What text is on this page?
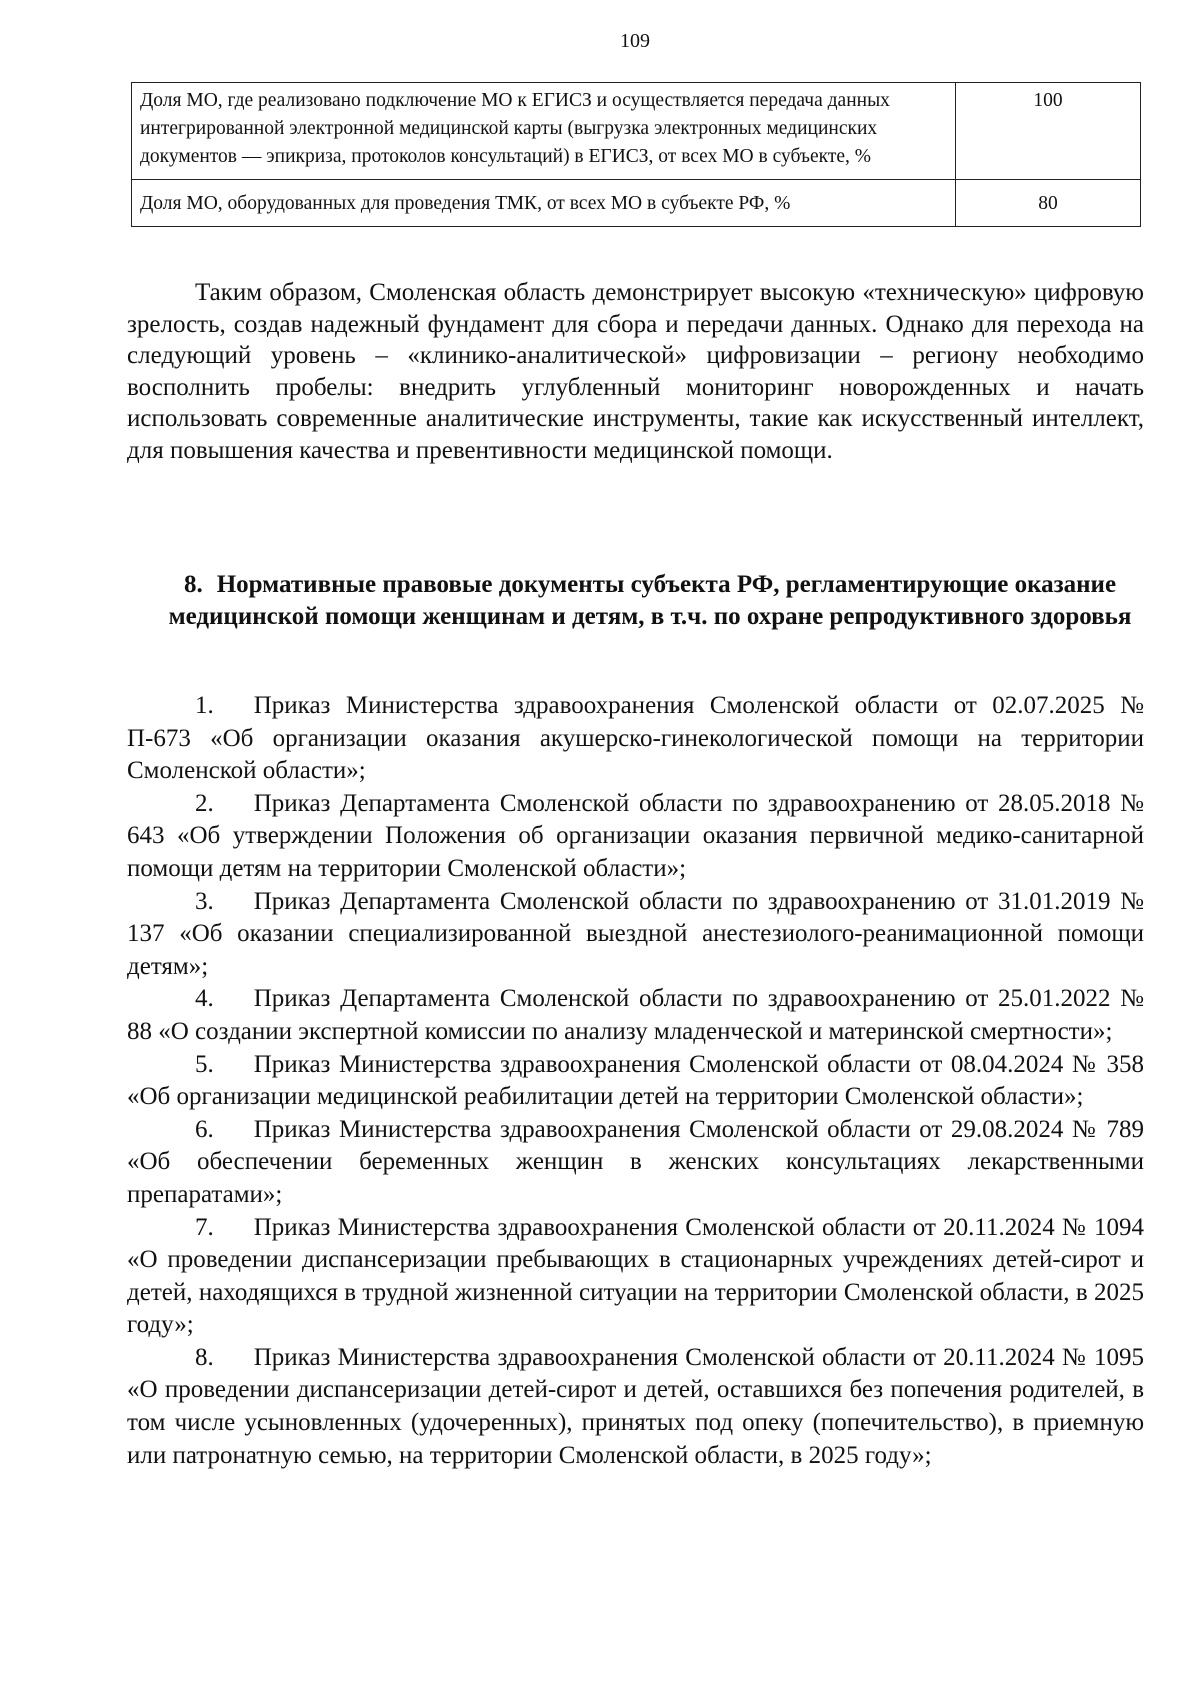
109
Доля МО, где реализовано подключение МО к ЕГИСЗ и осуществляется передача данных интегрированной электронной медицинской карты (выгрузка электронных медицинских документов — эпикриза, протоколов консультаций) в ЕГИСЗ, от всех МО в субъекте, %	100
Доля МО, оборудованных для проведения ТМК, от всех МО в субъекте РФ, %	80

Таким образом, Смоленская область демонстрирует высокую «техническую» цифровую зрелость, создав надежный фундамент для сбора и передачи данных. Однако для перехода на следующий уровень – «клинико-аналитической» цифровизации – региону необходимо восполнить пробелы: внедрить углубленный мониторинг новорожденных и начать использовать современные аналитические инструменты, такие как искусственный интеллект, для повышения качества и превентивности медицинской помощи.

8. Нормативные правовые документы субъекта РФ, регламентирующие оказание медицинской помощи женщинам и детям, в т.ч. по охране репродуктивного здоровья
1. Приказ Министерства здравоохранения Смоленской области от 02.07.2025 № П-673 «Об организации оказания акушерско-гинекологической помощи на территории Смоленской области»;
2. Приказ Департамента Смоленской области по здравоохранению от 28.05.2018 № 643 «Об утверждении Положения об организации оказания первичной медико-санитарной помощи детям на территории Смоленской области»;
3. Приказ Департамента Смоленской области по здравоохранению от 31.01.2019 № 137 «Об оказании специализированной выездной анестезиолого-реанимационной помощи детям»;
4. Приказ Департамента Смоленской области по здравоохранению от 25.01.2022 № 88 «О создании экспертной комиссии по анализу младенческой и материнской смертности»;
5. Приказ Министерства здравоохранения Смоленской области от 08.04.2024 № 358 «Об организации медицинской реабилитации детей на территории Смоленской области»;
6. Приказ Министерства здравоохранения Смоленской области от 29.08.2024 № 789 «Об обеспечении беременных женщин в женских консультациях лекарственными препаратами»;
7. Приказ Министерства здравоохранения Смоленской области от 20.11.2024 № 1094 «О проведении диспансеризации пребывающих в стационарных учреждениях детей-сирот и детей, находящихся в трудной жизненной ситуации на территории Смоленской области, в 2025 году»;
8. Приказ Министерства здравоохранения Смоленской области от 20.11.2024 № 1095 «О проведении диспансеризации детей-сирот и детей, оставшихся без попечения родителей, в том числе усыновленных (удочеренных), принятых под опеку (попечительство), в приемную или патронатную семью, на территории Смоленской области, в 2025 году»;
